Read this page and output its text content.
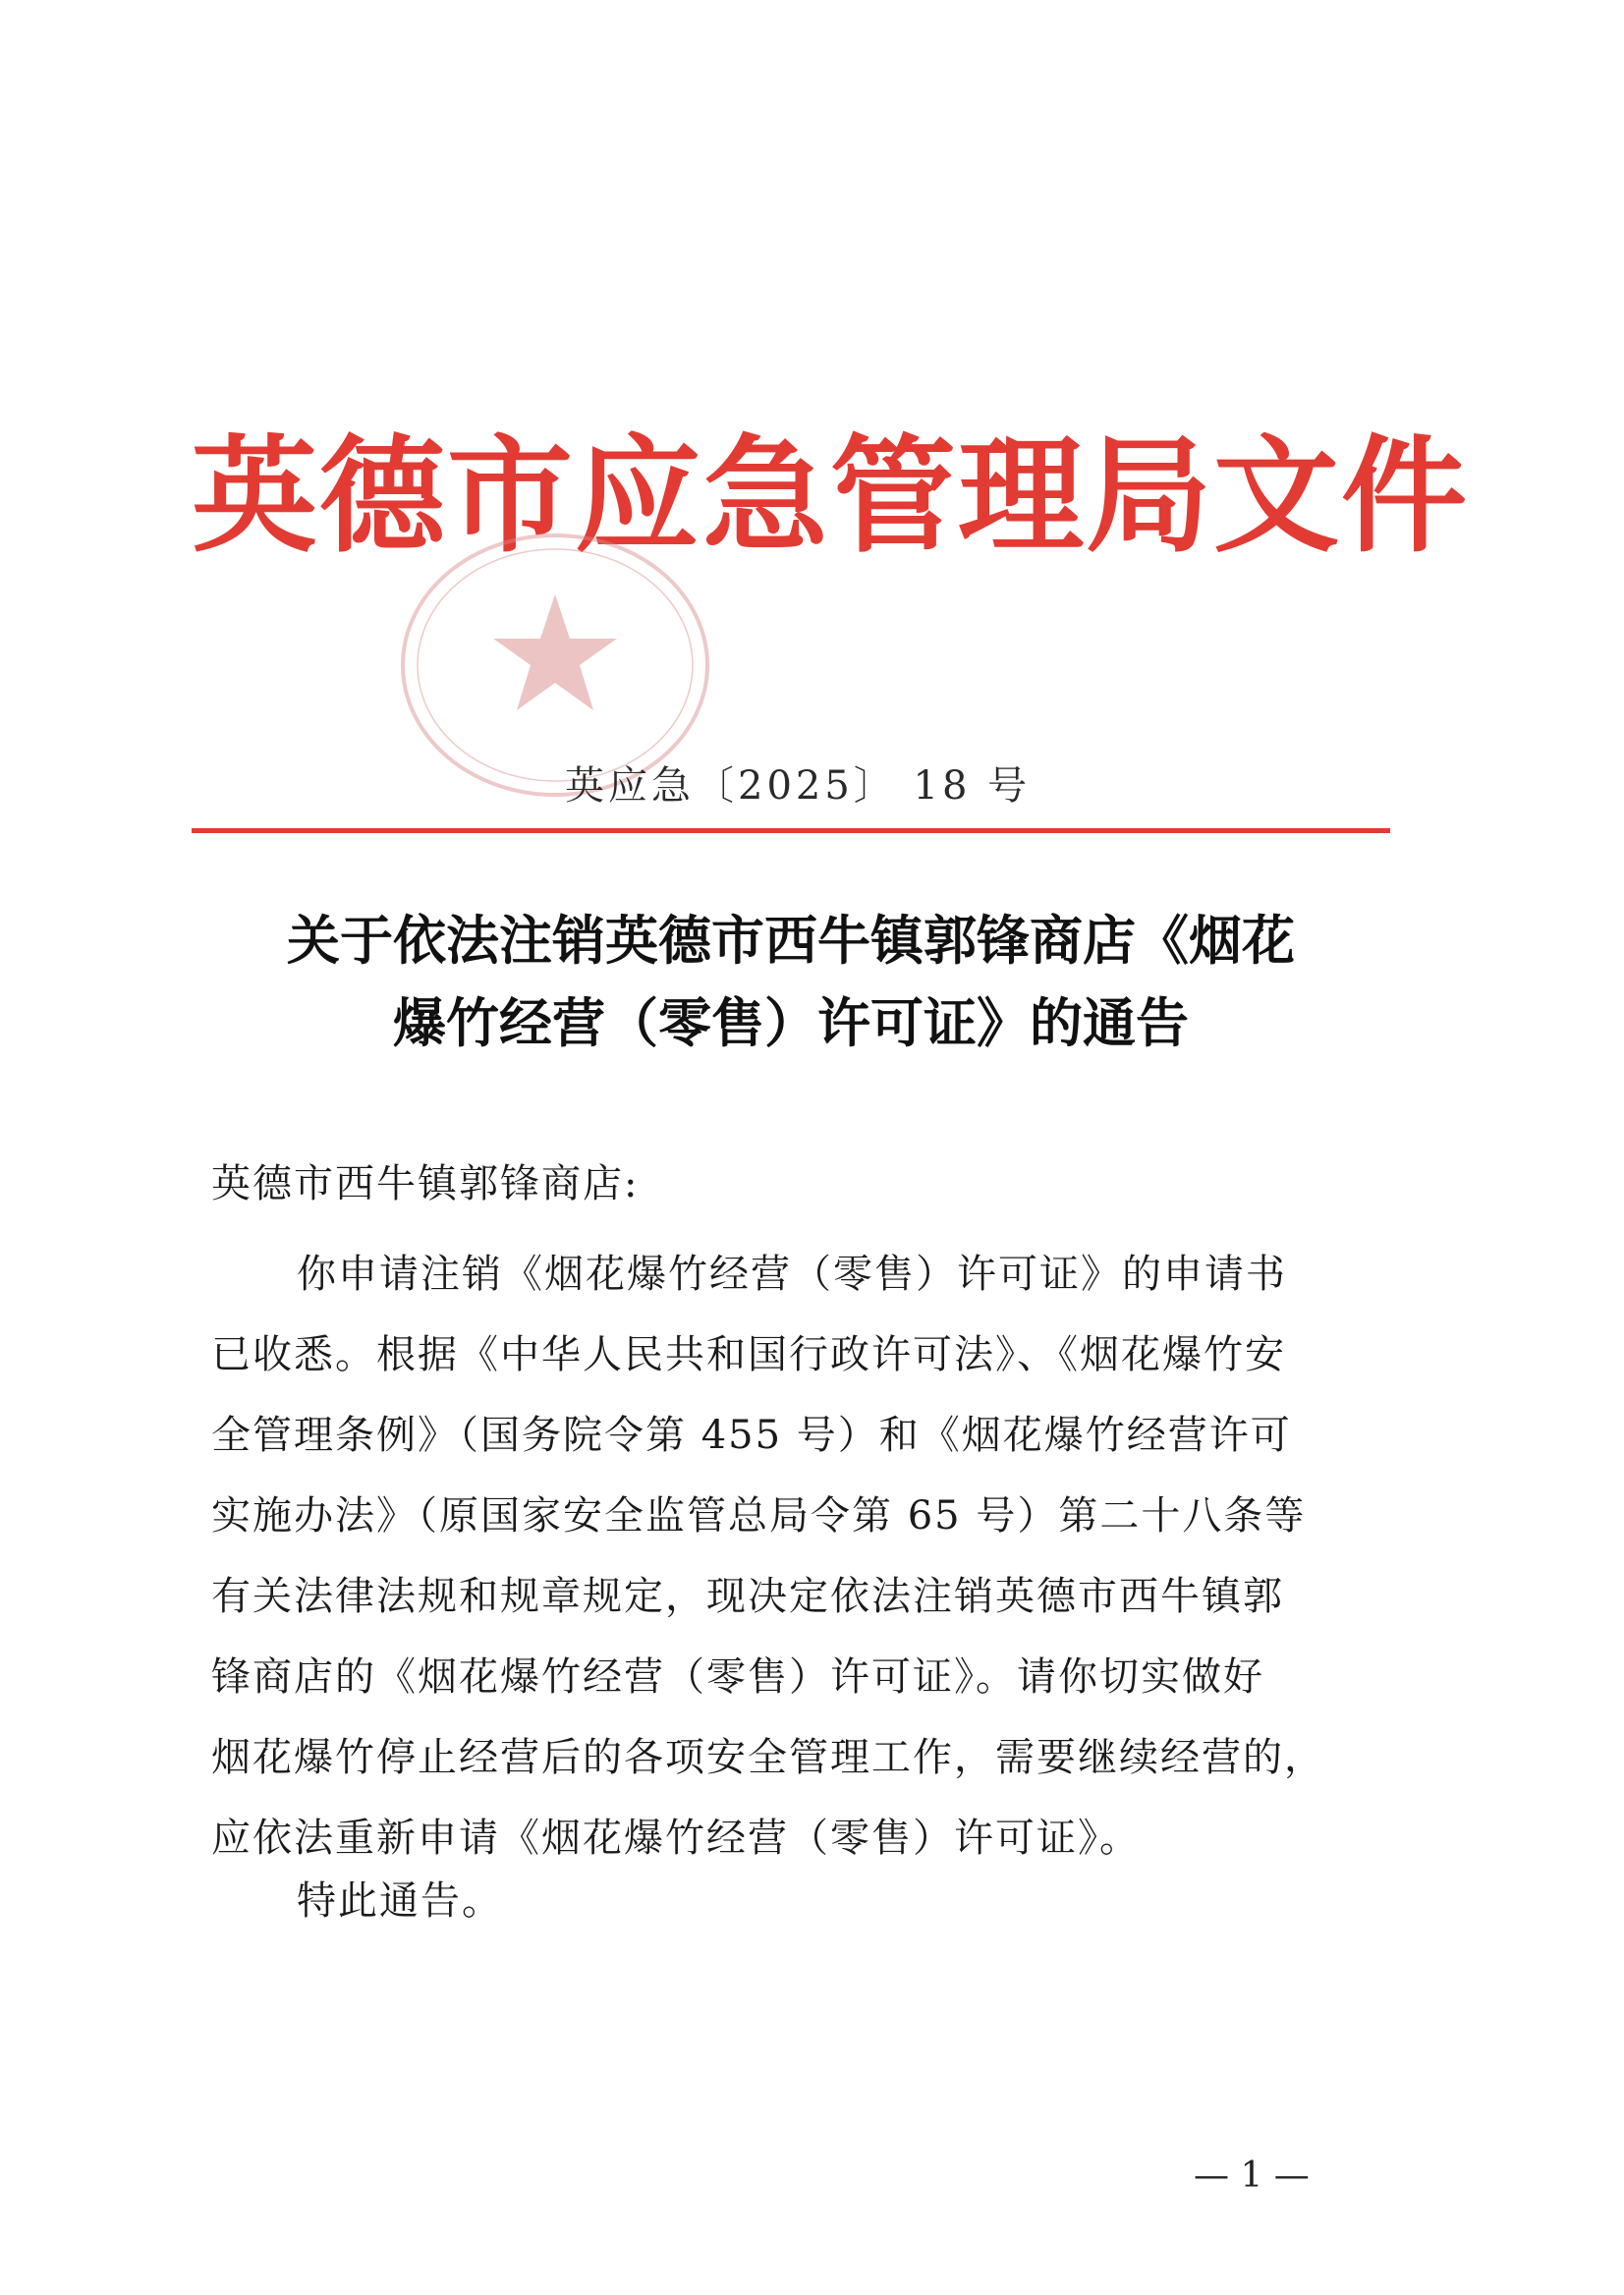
英德市应急管理局文件
英应急〔2025〕 18 号
关于依法注销英德市西牛镇郭锋商店《烟花
爆竹经营（零售）许可证》的通告
英德市西牛镇郭锋商店:
你申请注销《烟花爆竹经营（零售）许可证》的申请书
已收悉。根据《中华人民共和国行政许可法》、《烟花爆竹安
全管理条例》（国务院令第 455 号）和《烟花爆竹经营许可
实施办法》（原国家安全监管总局令第 65 号）第二十八条等
有关法律法规和规章规定，现决定依法注销英德市西牛镇郭
锋商店的《烟花爆竹经营（零售）许可证》。请你切实做好
烟花爆竹停止经营后的各项安全管理工作，需要继续经营的，
应依法重新申请《烟花爆竹经营（零售）许可证》。
特此通告。
— 1 —
